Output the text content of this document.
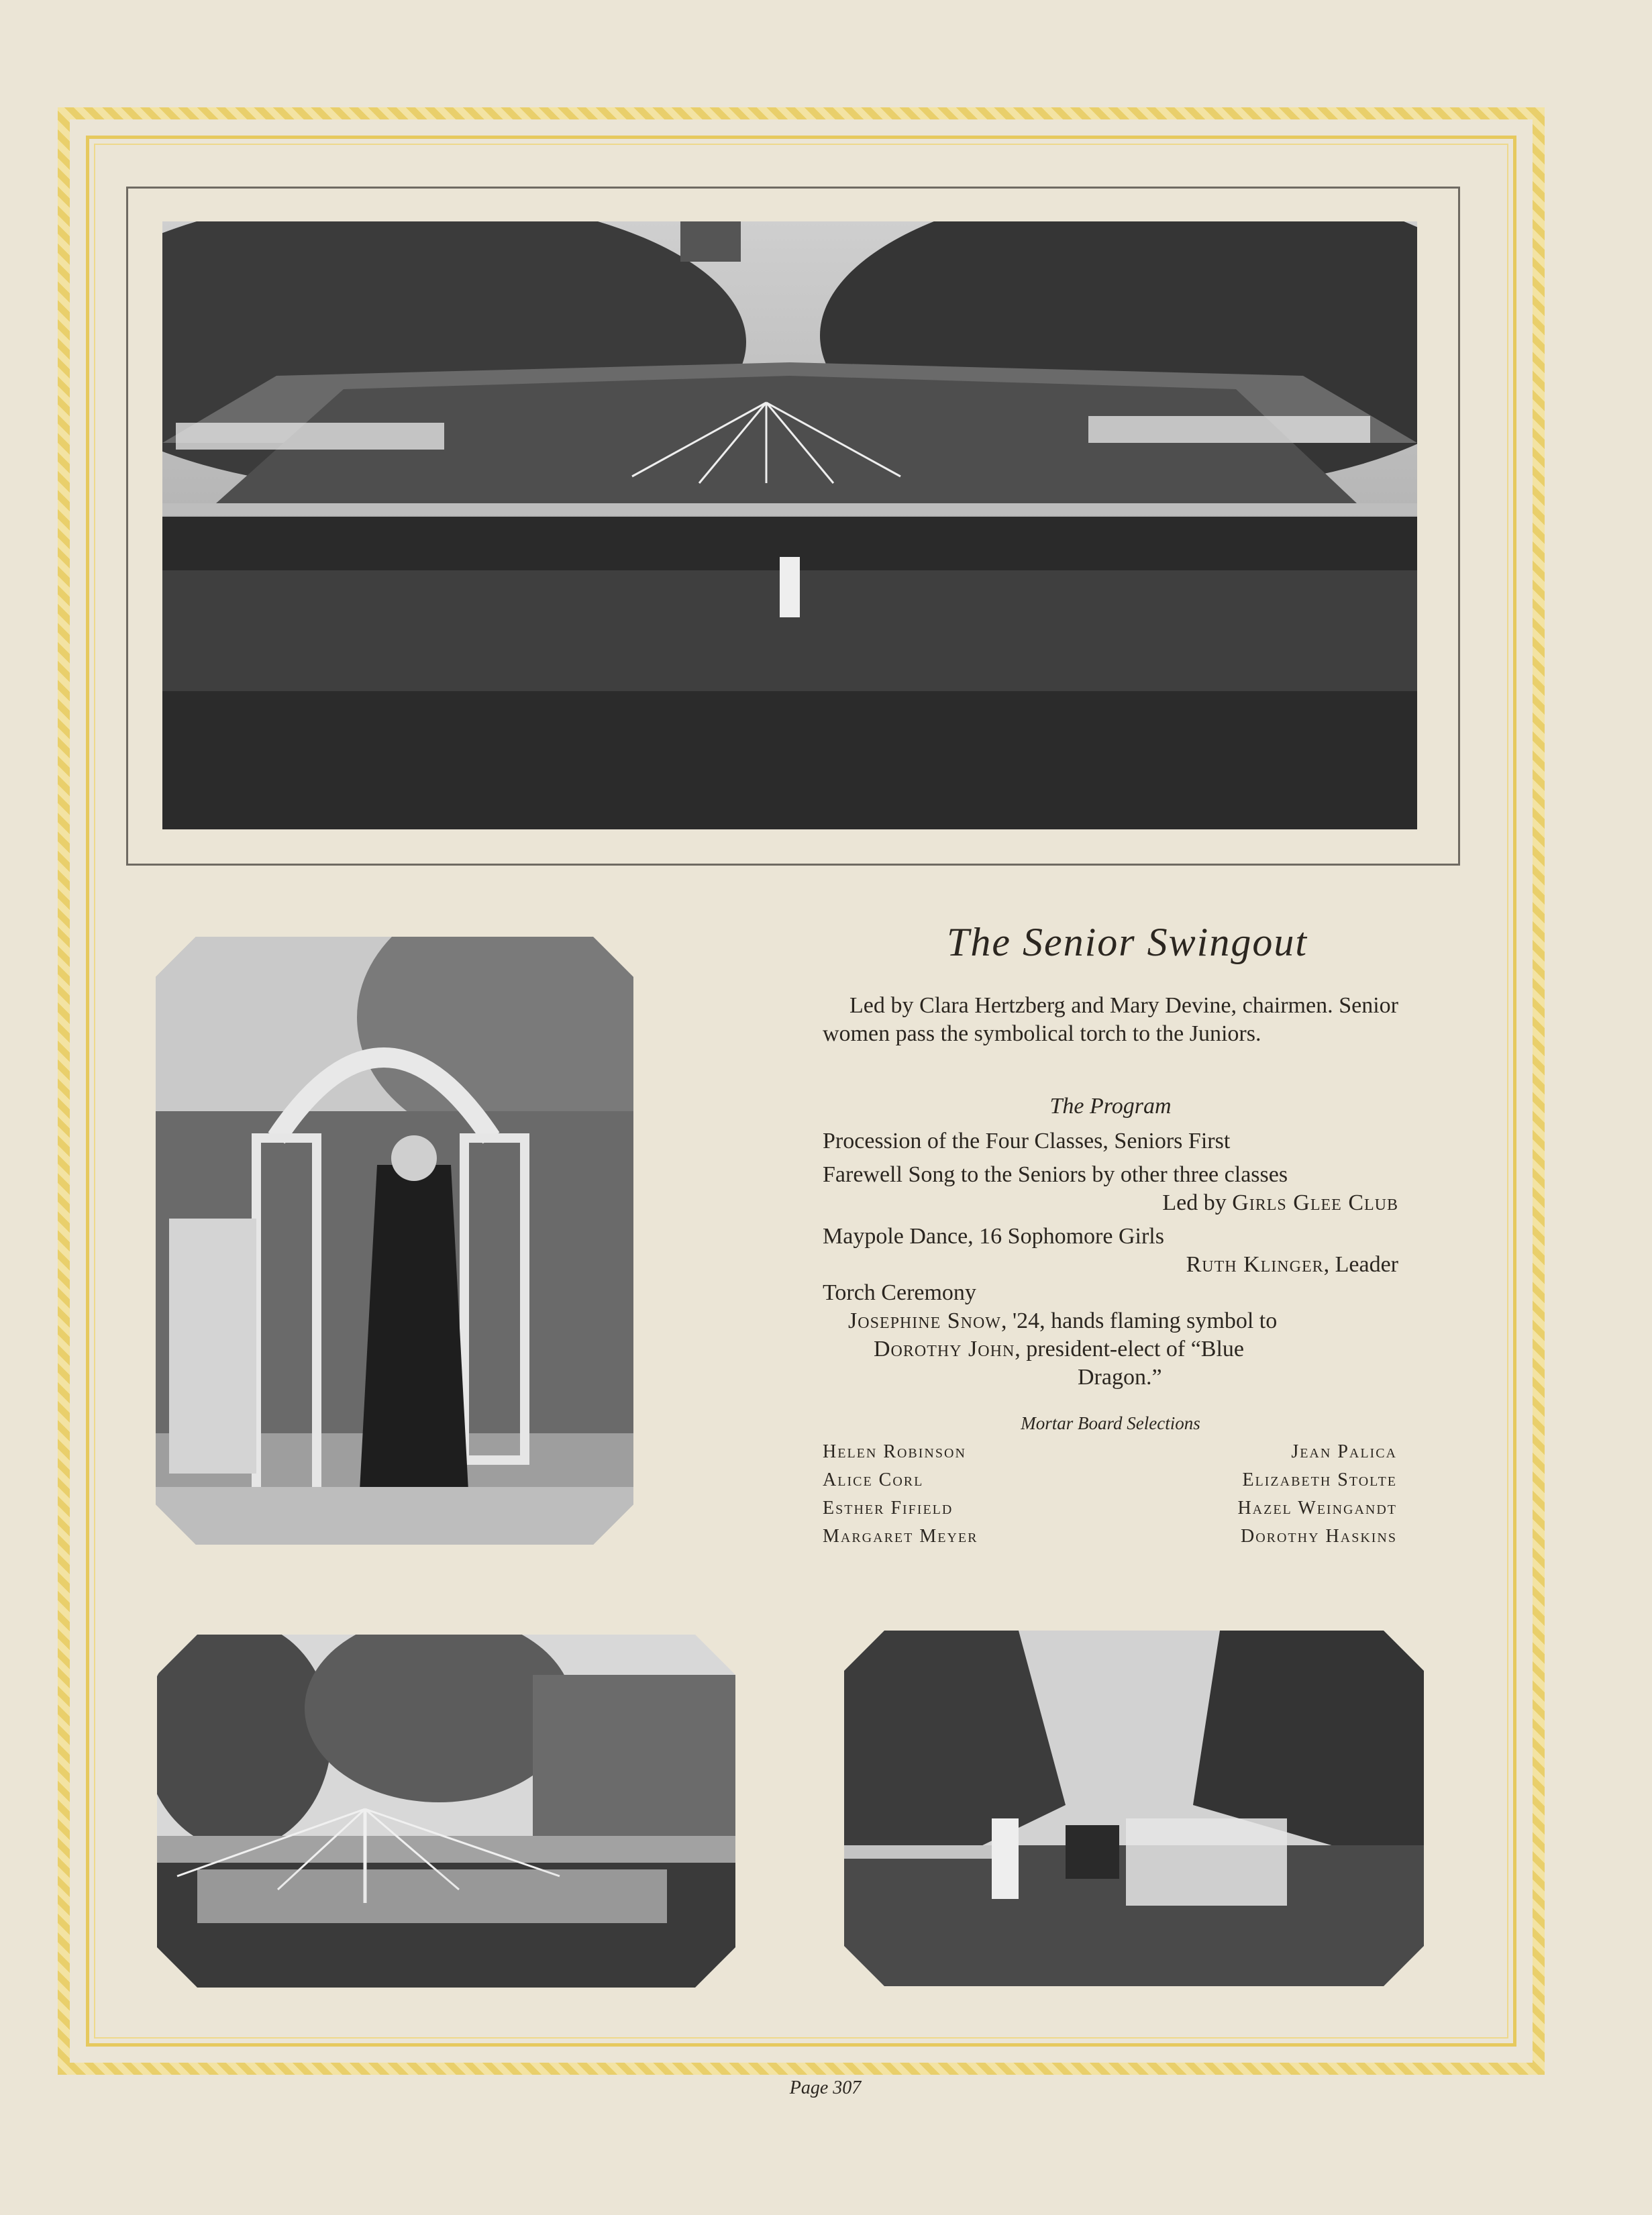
The Senior Swingout
Led by Clara Hertzberg and Mary Devine, chairmen. Senior women pass the symbolical torch to the Juniors.
The Program
Procession of the Four Classes, Seniors First
Farewell Song to the Seniors by other three classes
Led by Girls Glee Club
Maypole Dance, 16 Sophomore Girls
Ruth Klinger, Leader
Torch Ceremony
Josephine Snow, '24, hands flaming symbol to
Dorothy John, president-elect of “Blue
Dragon.”
Mortar Board Selections
Helen Robinson
Alice Corl
Esther Fifield
Margaret Meyer
Jean Palica
Elizabeth Stolte
Hazel Weingandt
Dorothy Haskins
Page 307
